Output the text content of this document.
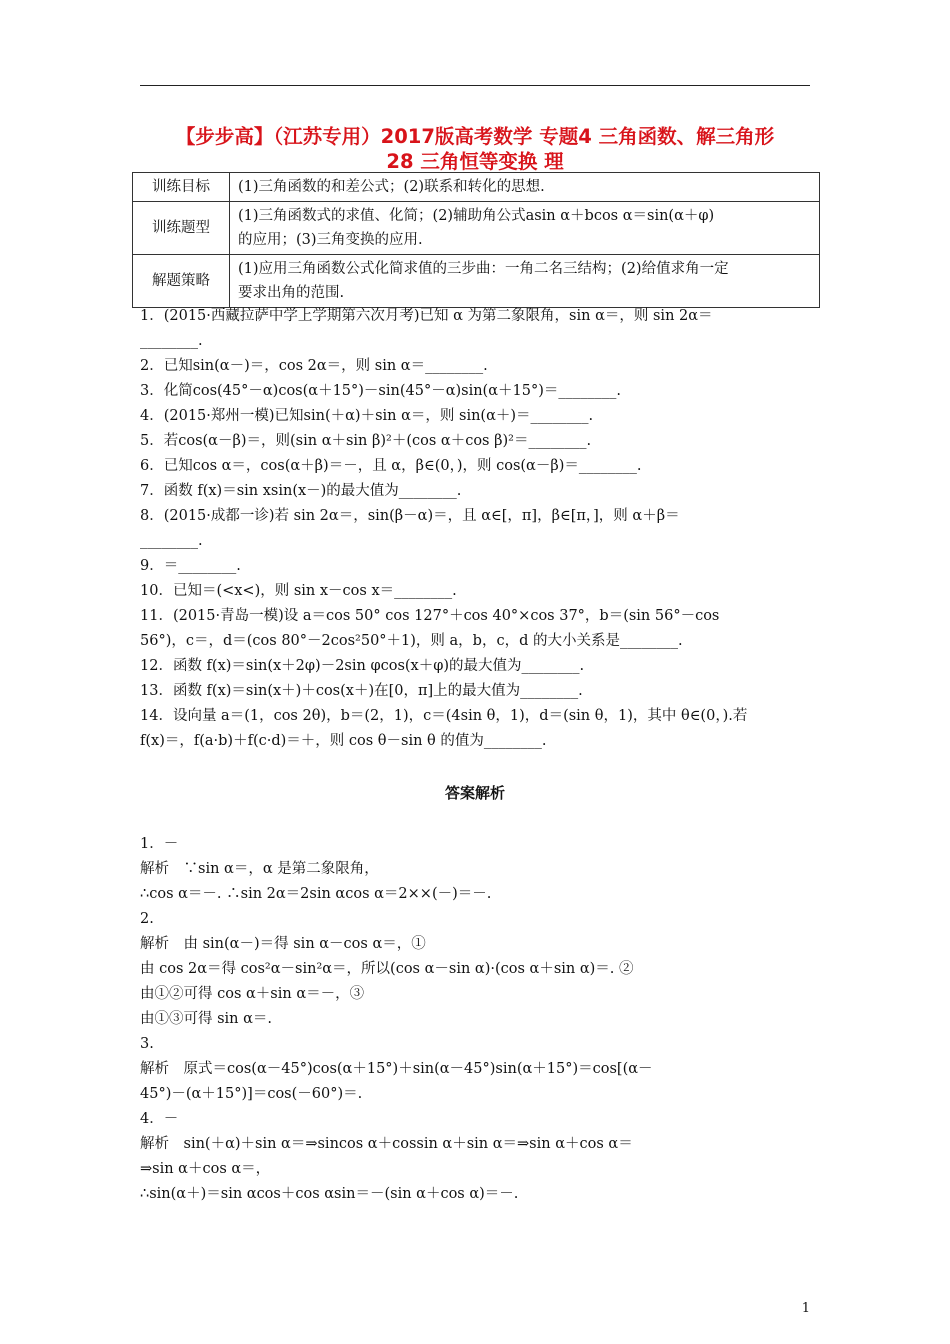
【步步高】（江苏专用）2017版高考数学 专题4 三角函数、解三角形
28 三角恒等变换 理
训练目标	(1)三角函数的和差公式；(2)联系和转化的思想.
训练题型	(1)三角函数式的求值、化简；(2)辅助角公式asin α＋bcos α＝sin(α＋φ)
的应用；(3)三角变换的应用.
解题策略	(1)应用三角函数公式化简求值的三步曲：一角二名三结构；(2)给值求角一定
要求出角的范围.
1．(2015·西藏拉萨中学上学期第六次月考)已知 α 为第二象限角，sin α＝，则 sin 2α＝
________.
2．已知sin(α－)＝，cos 2α＝，则 sin α＝________.
3．化简cos(45°－α)cos(α＋15°)－sin(45°－α)sin(α＋15°)＝________.
4．(2015·郑州一模)已知sin(＋α)＋sin α＝，则 sin(α＋)＝________.
5．若cos(α－β)＝，则(sin α＋sin β)²＋(cos α＋cos β)²＝________.
6．已知cos α＝，cos(α＋β)＝－，且 α，β∈(0，)，则 cos(α－β)＝________.
7．函数 f(x)＝sin xsin(x－)的最大值为________.
8．(2015·成都一诊)若 sin 2α＝，sin(β－α)＝，且 α∈[，π]，β∈[π，]，则 α＋β＝
________.
9．＝________.
10．已知＝(<x<)，则 sin x－cos x＝________.
11．(2015·青岛一模)设 a＝cos 50° cos 127°＋cos 40°×cos 37°，b＝(sin 56°－cos
56°)，c＝，d＝(cos 80°－2cos²50°＋1)，则 a，b，c，d 的大小关系是________.
12．函数 f(x)＝sin(x＋2φ)－2sin φcos(x＋φ)的最大值为________.
13．函数 f(x)＝sin(x＋)＋cos(x＋)在[0，π]上的最大值为________.
14．设向量 a＝(1，cos 2θ)，b＝(2，1)，c＝(4sin θ，1)，d＝(sin θ，1)，其中 θ∈(0，).若
f(x)＝，f(a·b)＋f(c·d)＝＋，则 cos θ－sin θ 的值为________.
答案解析
1．－
解析　∵sin α＝，α 是第二象限角，
∴cos α＝－. ∴sin 2α＝2sin αcos α＝2××(－)＝－.
2.
解析　由 sin(α－)＝得 sin α－cos α＝，①
由 cos 2α＝得 cos²α－sin²α＝，所以(cos α－sin α)·(cos α＋sin α)＝. ②
由①②可得 cos α＋sin α＝－，③
由①③可得 sin α＝.
3.
解析　原式＝cos(α－45°)cos(α＋15°)＋sin(α－45°)sin(α＋15°)＝cos[(α－
45°)－(α＋15°)]＝cos(－60°)＝.
4．－
解析　sin(＋α)＋sin α＝⇒sincos α＋cossin α＋sin α＝⇒sin α＋cos α＝
⇒sin α＋cos α＝，
∴sin(α＋)＝sin αcos＋cos αsin＝－(sin α＋cos α)＝－.
1
